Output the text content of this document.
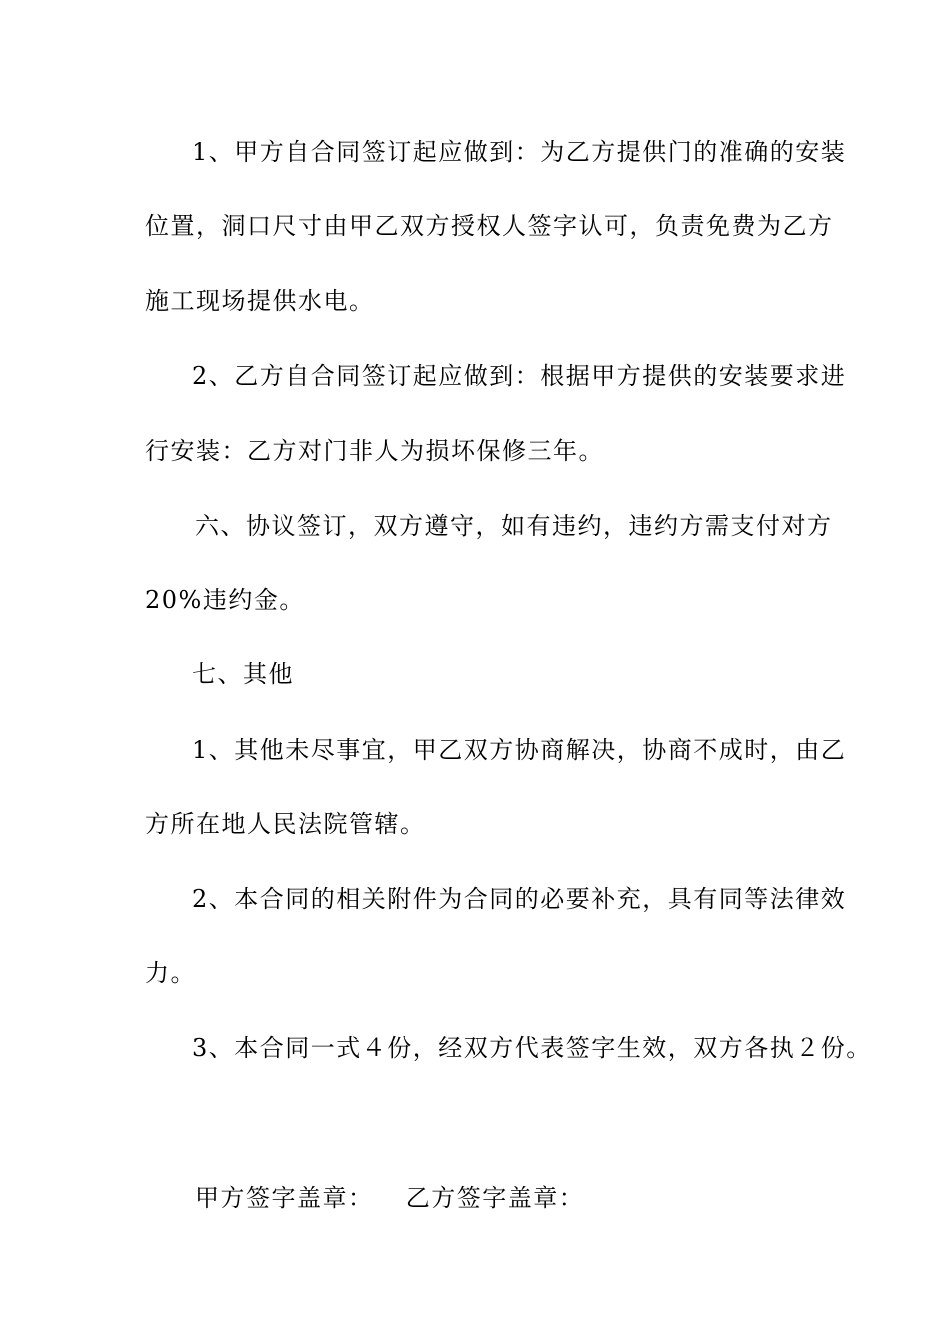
1、甲方自合同签订起应做到：为乙方提供门的准确的安装
位置，洞口尺寸由甲乙双方授权人签字认可，负责免费为乙方
施工现场提供水电。
2、乙方自合同签订起应做到：根据甲方提供的安装要求进
行安装：乙方对门非人为损坏保修三年。
六、协议签订，双方遵守，如有违约，违约方需支付对方
20%违约金。
七、其他
1、其他未尽事宜，甲乙双方协商解决，协商不成时，由乙
方所在地人民法院管辖。
2、本合同的相关附件为合同的必要补充，具有同等法律效
力。
3、本合同一式４份，经双方代表签字生效，双方各执２份。
甲方签字盖章： 乙方签字盖章：
